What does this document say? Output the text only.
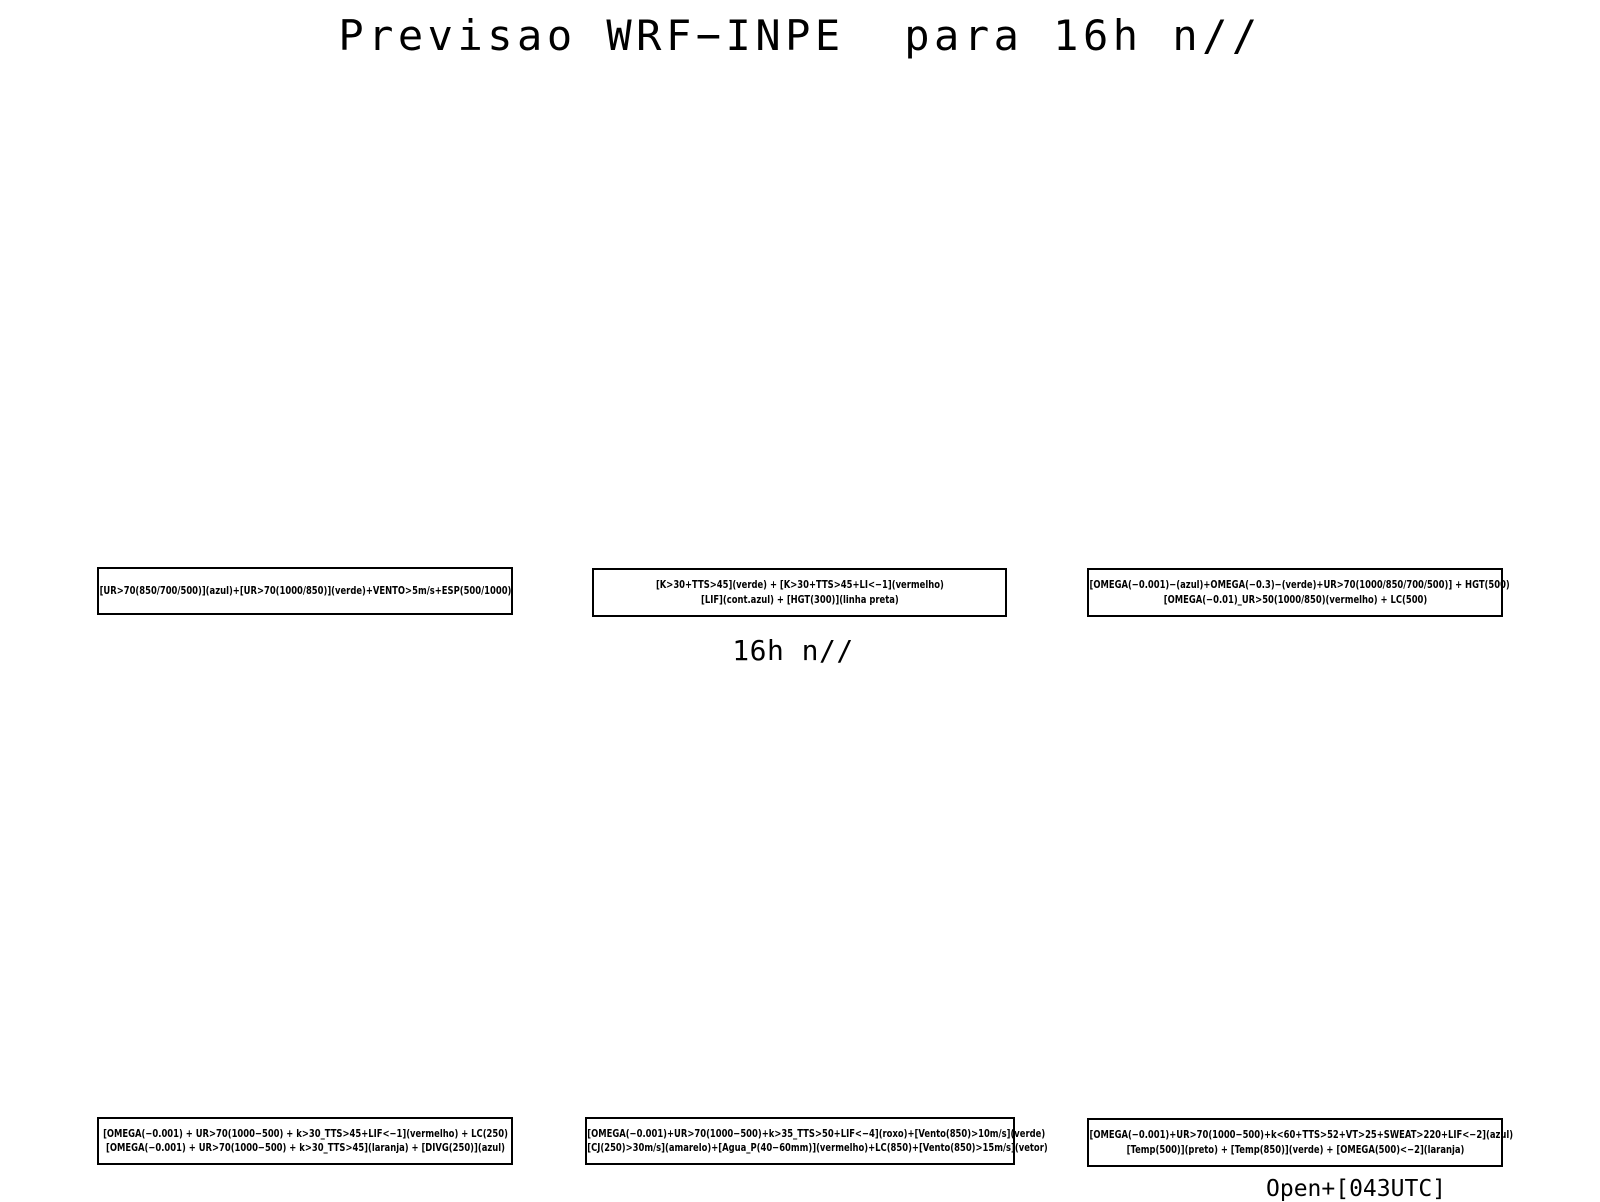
Previsao WRF−INPE  para 16h n//
[UR>70(850/700/500)](azul)+[UR>70(1000/850)](verde)+VENTO>5m/s+ESP(500/1000)	[K>30+TTS>45](verde) + [K>30+TTS>45+LI<−1](vermelho)
[LIF](cont.azul) + [HGT(300)](linha preta)
[OMEGA(−0.001)−(azul)+OMEGA(−0.3)−(verde)+UR>70(1000/850/700/500)] + HGT(500)
[OMEGA(−0.01)_UR>50(1000/850)(vermelho) + LC(500)
16h n//
[OMEGA(−0.001) + UR>70(1000−500) + k>30_TTS>45+LIF<−1](vermelho) + LC(250)
[OMEGA(−0.001) + UR>70(1000−500) + k>30_TTS>45](laranja) + [DIVG(250)](azul)
[OMEGA(−0.001)+UR>70(1000−500)+k>35_TTS>50+LIF<−4](roxo)+[Vento(850)>10m/s](verde)
[CJ(250)>30m/s](amarelo)+[Agua_P(40−60mm)](vermelho)+LC(850)+[Vento(850)>15m/s](vetor)
[OMEGA(−0.001)+UR>70(1000−500)+k<60+TTS>52+VT>25+SWEAT>220+LIF<−2](azul)
[Temp(500)](preto) + [Temp(850)](verde) + [OMEGA(500)<−2](laranja)
Open+[043UTC]
